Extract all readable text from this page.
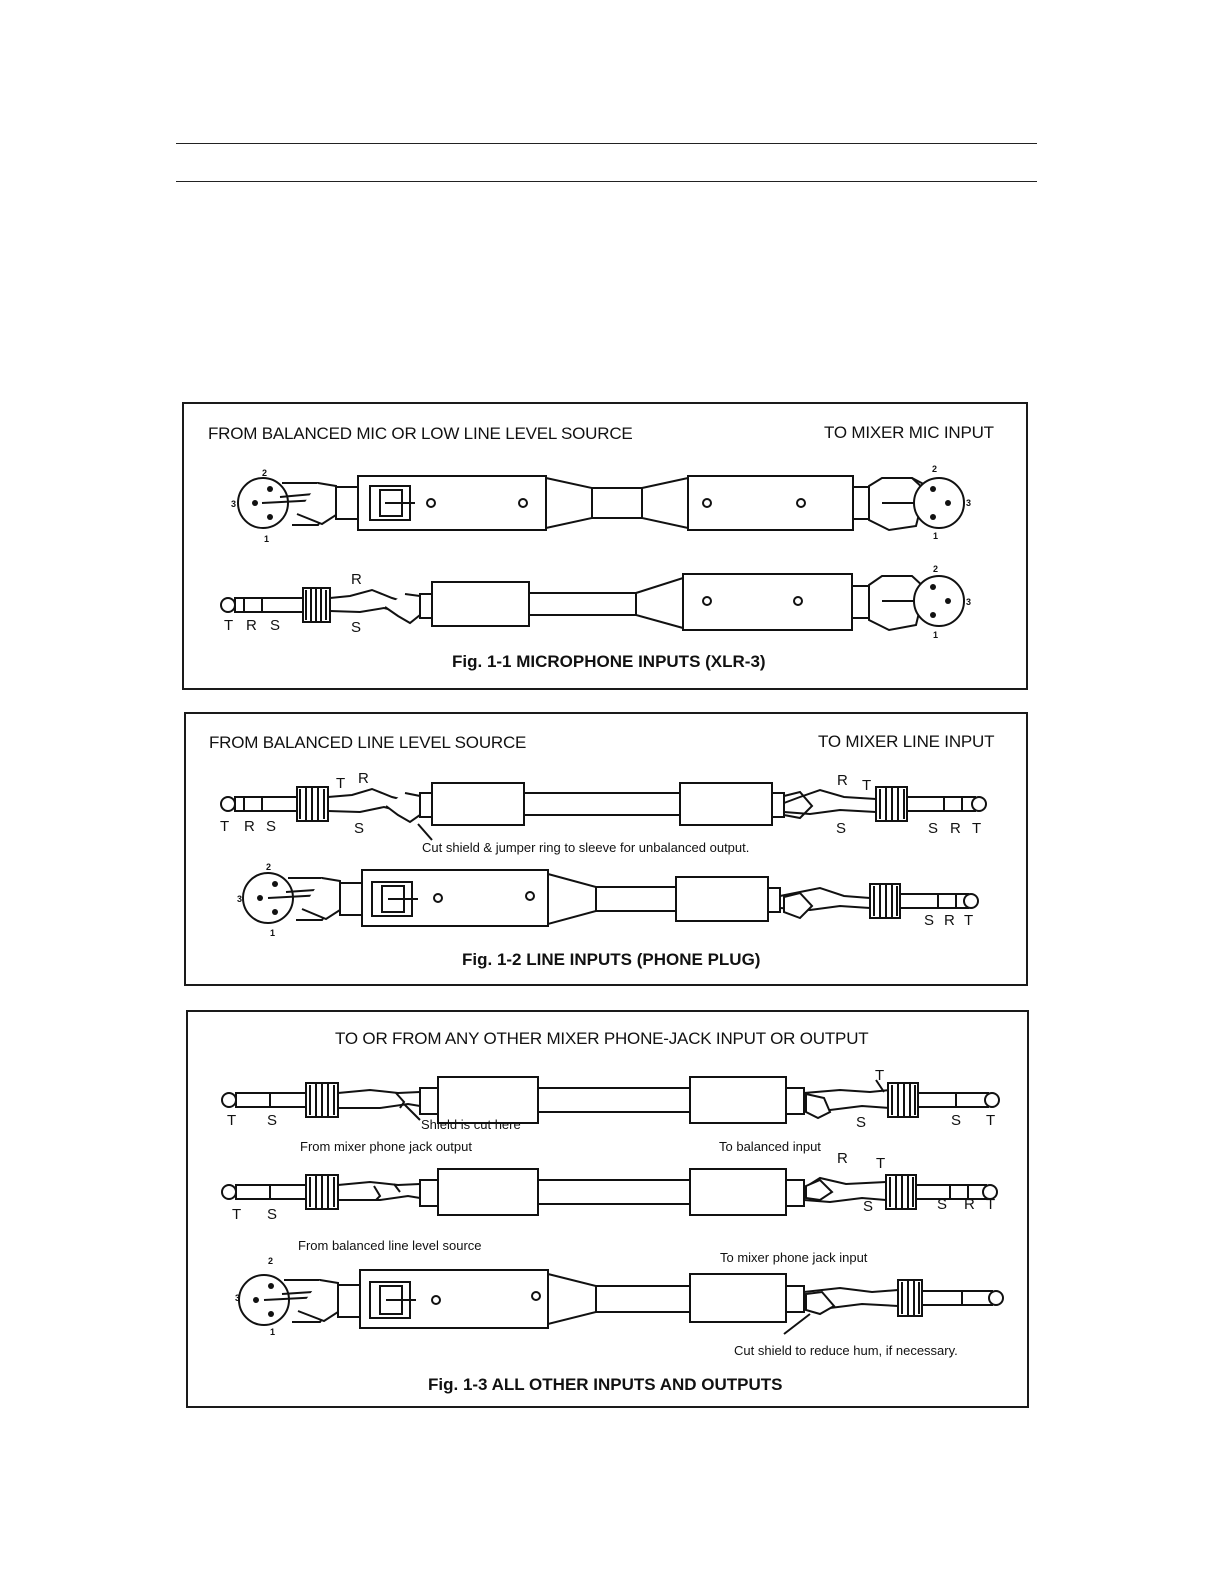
FROM BALANCED MIC OR LOW LINE LEVEL SOURCE	TO MIXER MIC INPUT
2
3
1
2
3
1
2
3
1
R
T R S	S
Fig. 1-1 MICROPHONE INPUTS (XLR-3)
FROM BALANCED LINE LEVEL SOURCE	TO MIXER LINE INPUT
T R
T R S	S
R T
S	S R T
Cut shield & jumper ring to sleeve for unbalanced output.
2
3
1
S R T
Fig. 1-2 LINE INPUTS (PHONE PLUG)
TO OR FROM ANY OTHER MIXER PHONE-JACK INPUT OR OUTPUT
T S	Shield is cut here
T
S	S T
From mixer phone jack output	To balanced input
R T
T S	S	S R T
From balanced line level source
To mixer phone jack input
2
3
1
Cut shield to reduce hum, if necessary.
Fig. 1-3 ALL OTHER INPUTS AND OUTPUTS
